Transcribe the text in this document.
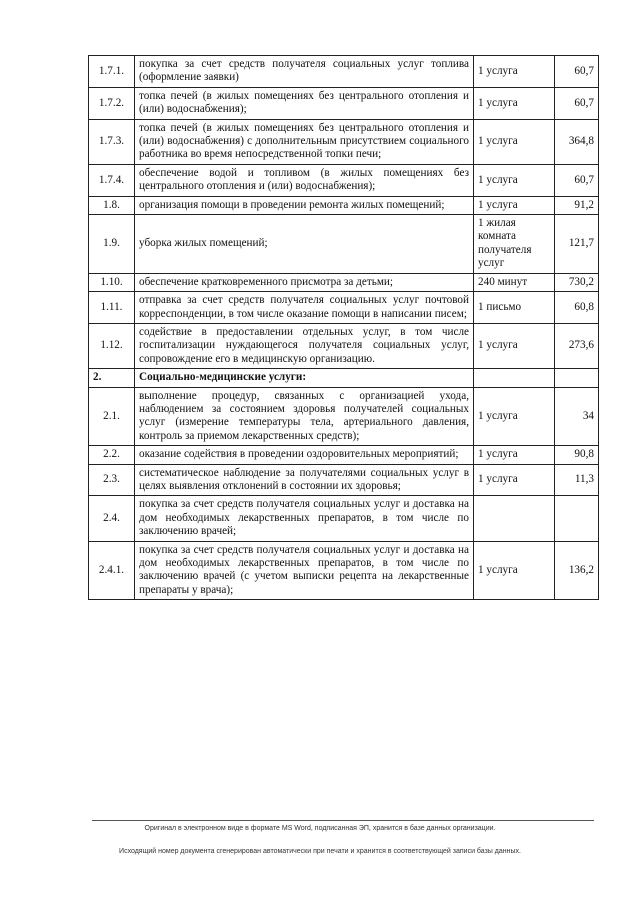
1.7.1.	покупка за счет средств получателя социальных услуг топлива (оформление заявки)	1 услуга	60,7
1.7.2.	топка печей (в жилых помещениях без центрального отопления и (или) водоснабжения);	1 услуга	60,7
1.7.3.	топка печей (в жилых помещениях без центрального отопления и (или) водоснабжения) с дополнительным присутствием социального работника во время непосредственной топки печи;	1 услуга	364,8
1.7.4.	обеспечение водой и топливом (в жилых помещениях без центрального отопления и (или) водоснабжения);	1 услуга	60,7
1.8.	организация помощи в проведении ремонта жилых помещений;	1 услуга	91,2
1.9.	уборка жилых помещений;	1 жилая комната получателя услуг	121,7
1.10.	обеспечение кратковременного присмотра за детьми;	240 минут	730,2
1.11.	отправка за счет средств получателя социальных услуг почтовой корреспонденции, в том числе оказание помощи в написании писем;	1 письмо	60,8
1.12.	содействие в предоставлении отдельных услуг, в том числе госпитализации нуждающегося получателя социальных услуг, сопровождение его в медицинскую организацию.	1 услуга	273,6
2.	Социально-медицинские услуги:		
2.1.	выполнение процедур, связанных с организацией ухода, наблюдением за состоянием здоровья получателей социальных услуг (измерение температуры тела, артериального давления, контроль за приемом лекарственных средств);	1 услуга	34
2.2.	оказание содействия в проведении оздоровительных мероприятий;	1 услуга	90,8
2.3.	систематическое наблюдение за получателями социальных услуг в целях выявления отклонений в состоянии их здоровья;	1 услуга	11,3
2.4.	покупка за счет средств получателя социальных услуг и доставка на дом необходимых лекарственных препаратов, в том числе по заключению врачей;		
2.4.1.	покупка за счет средств получателя социальных услуг и доставка на дом необходимых лекарственных препаратов, в том числе по заключению врачей (с учетом выписки рецепта на лекарственные препараты у врача);	1 услуга	136,2
Оригинал в электронном виде в формате MS Word, подписанная ЭП, хранится в базе данных организации.
Исходящий номер документа сгенерирован автоматически при печати и хранится в соответствующей записи базы данных.
